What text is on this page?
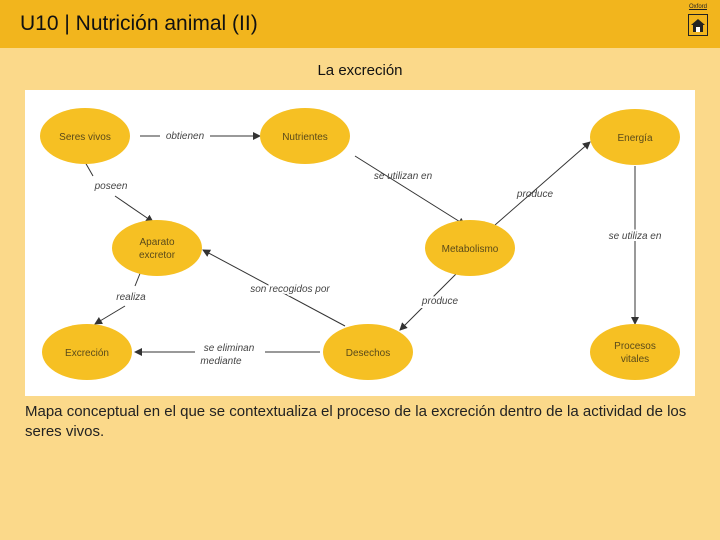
U10 | Nutrición animal (II)
Oxford
La excreción
Seres vivos	Nutrientes	Energía
Aparato
excretor
Metabolismo
Excreción	Desechos
Procesos
vitales
obtienen
poseen
se utilizan en
produce
se utiliza en
son recogidos por
realiza	produce
se eliminan
mediante
Mapa conceptual en el que se contextualiza el proceso de la excreción dentro de la actividad de los seres vivos.
